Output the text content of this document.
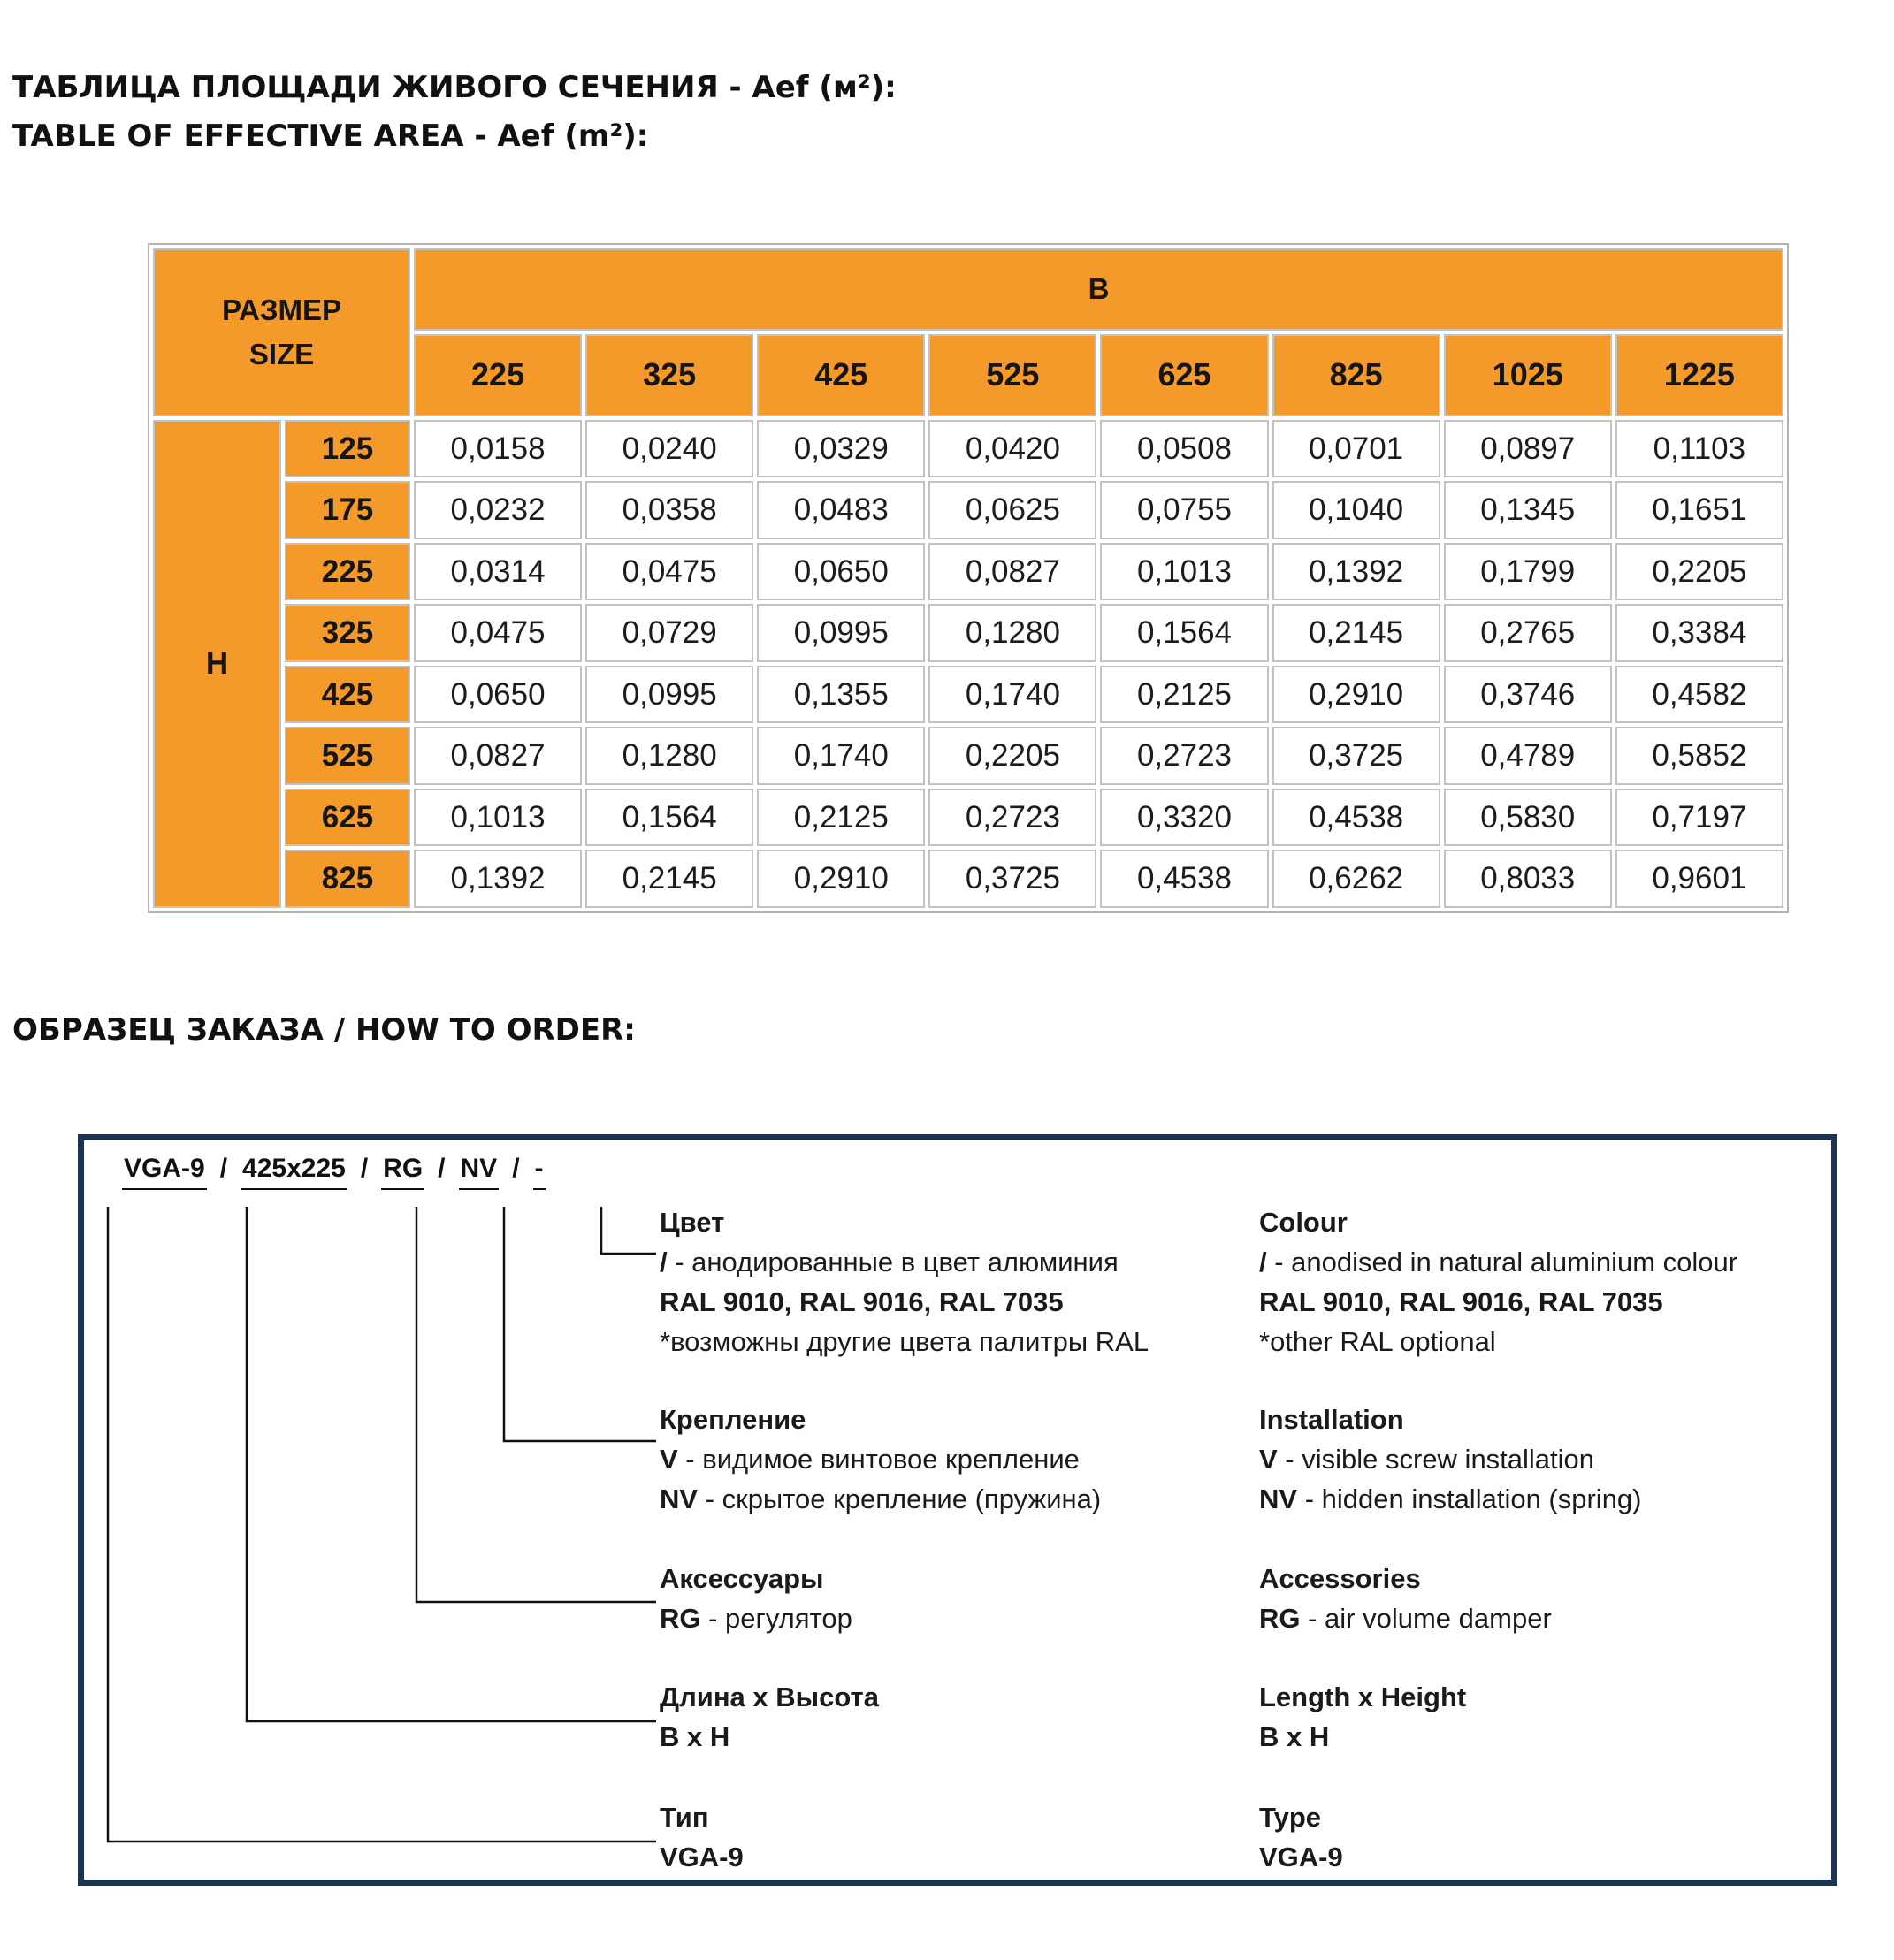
ТАБЛИЦА ПЛОЩАДИ ЖИВОГО СЕЧЕНИЯ - Aef (м²):
TABLE OF EFFECTIVE AREA - Aef (m²):
РАЗМЕР
SIZE		B							
		225	325	425	525	625	825	1025	1225
H	125	0,0158	0,0240	0,0329	0,0420	0,0508	0,0701	0,0897	0,1103
	175	0,0232	0,0358	0,0483	0,0625	0,0755	0,1040	0,1345	0,1651
	225	0,0314	0,0475	0,0650	0,0827	0,1013	0,1392	0,1799	0,2205
	325	0,0475	0,0729	0,0995	0,1280	0,1564	0,2145	0,2765	0,3384
	425	0,0650	0,0995	0,1355	0,1740	0,2125	0,2910	0,3746	0,4582
	525	0,0827	0,1280	0,1740	0,2205	0,2723	0,3725	0,4789	0,5852
	625	0,1013	0,1564	0,2125	0,2723	0,3320	0,4538	0,5830	0,7197
	825	0,1392	0,2145	0,2910	0,3725	0,4538	0,6262	0,8033	0,9601
ОБРАЗЕЦ ЗАКАЗА / HOW TO ORDER:
VGA-9 / 425x225 / RG / NV / -
Цвет
/ - анодированные в цвет алюминия
RAL 9010, RAL 9016, RAL 7035
*возможны другие цвета палитры RAL
Colour
/ - anodised in natural aluminium colour
RAL 9010, RAL 9016, RAL 7035
*other RAL optional
Крепление
V - видимое винтовое крепление
NV - скрытое крепление (пружина)
Installation
V - visible screw installation
NV - hidden installation (spring)
Аксессуары
RG - регулятор
Accessories
RG - air volume damper
Длина x Высота
B x H
Length x Height
B x H
Тип
VGA-9
Type
VGA-9
